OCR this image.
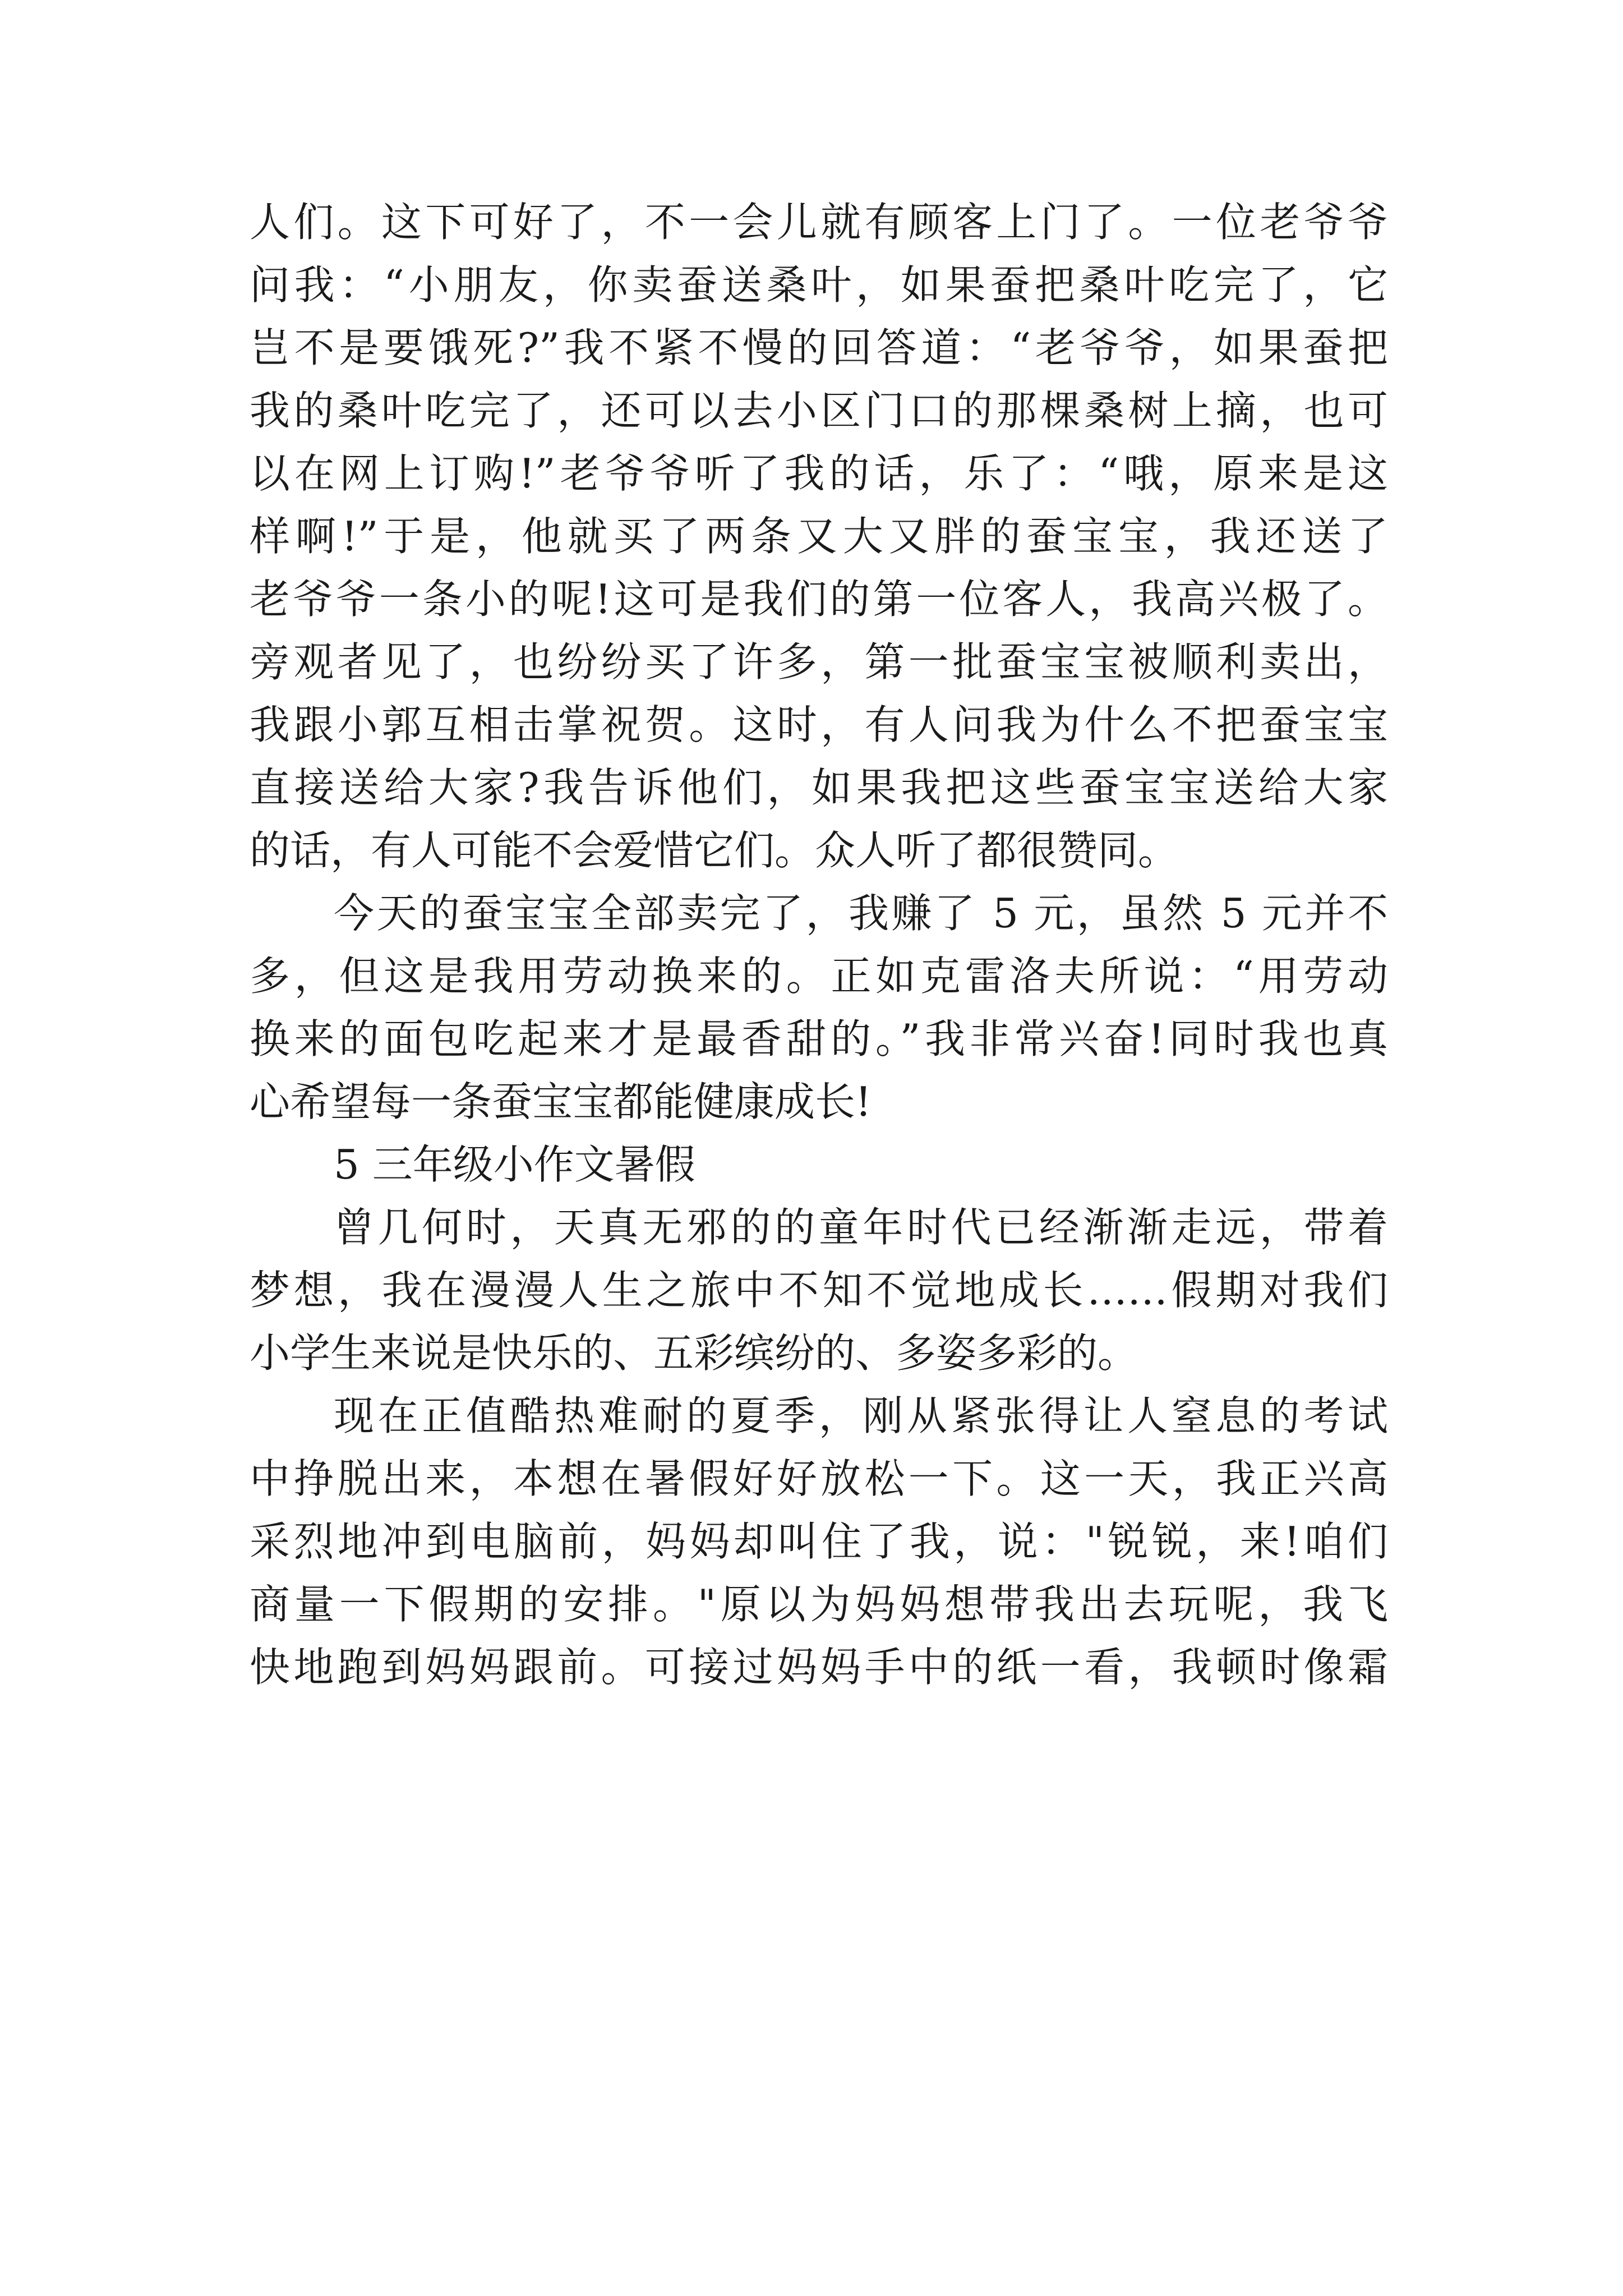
人们。这下可好了，不一会儿就有顾客上门了。一位老爷爷
问我：“小朋友，你卖蚕送桑叶，如果蚕把桑叶吃完了，它
岂不是要饿死?”我不紧不慢的回答道：“老爷爷，如果蚕把
我的桑叶吃完了，还可以去小区门口的那棵桑树上摘，也可
以在网上订购!”老爷爷听了我的话，乐了：“哦，原来是这
样啊!”于是，他就买了两条又大又胖的蚕宝宝，我还送了
老爷爷一条小的呢!这可是我们的第一位客人，我高兴极了。
旁观者见了，也纷纷买了许多，第一批蚕宝宝被顺利卖出，
我跟小郭互相击掌祝贺。这时，有人问我为什么不把蚕宝宝
直接送给大家?我告诉他们，如果我把这些蚕宝宝送给大家
的话，有人可能不会爱惜它们。众人听了都很赞同。
今天的蚕宝宝全部卖完了，我赚了 5 元，虽然 5 元并不
多，但这是我用劳动换来的。正如克雷洛夫所说：“用劳动
换来的面包吃起来才是最香甜的。”我非常兴奋!同时我也真
心希望每一条蚕宝宝都能健康成长!
5 三年级小作文暑假
曾几何时，天真无邪的的童年时代已经渐渐走远，带着
梦想，我在漫漫人生之旅中不知不觉地成长……假期对我们
小学生来说是快乐的、五彩缤纷的、多姿多彩的。
现在正值酷热难耐的夏季，刚从紧张得让人窒息的考试
中挣脱出来，本想在暑假好好放松一下。这一天，我正兴高
采烈地冲到电脑前，妈妈却叫住了我，说："锐锐，来!咱们
商量一下假期的安排。"原以为妈妈想带我出去玩呢，我飞
快地跑到妈妈跟前。可接过妈妈手中的纸一看，我顿时像霜
